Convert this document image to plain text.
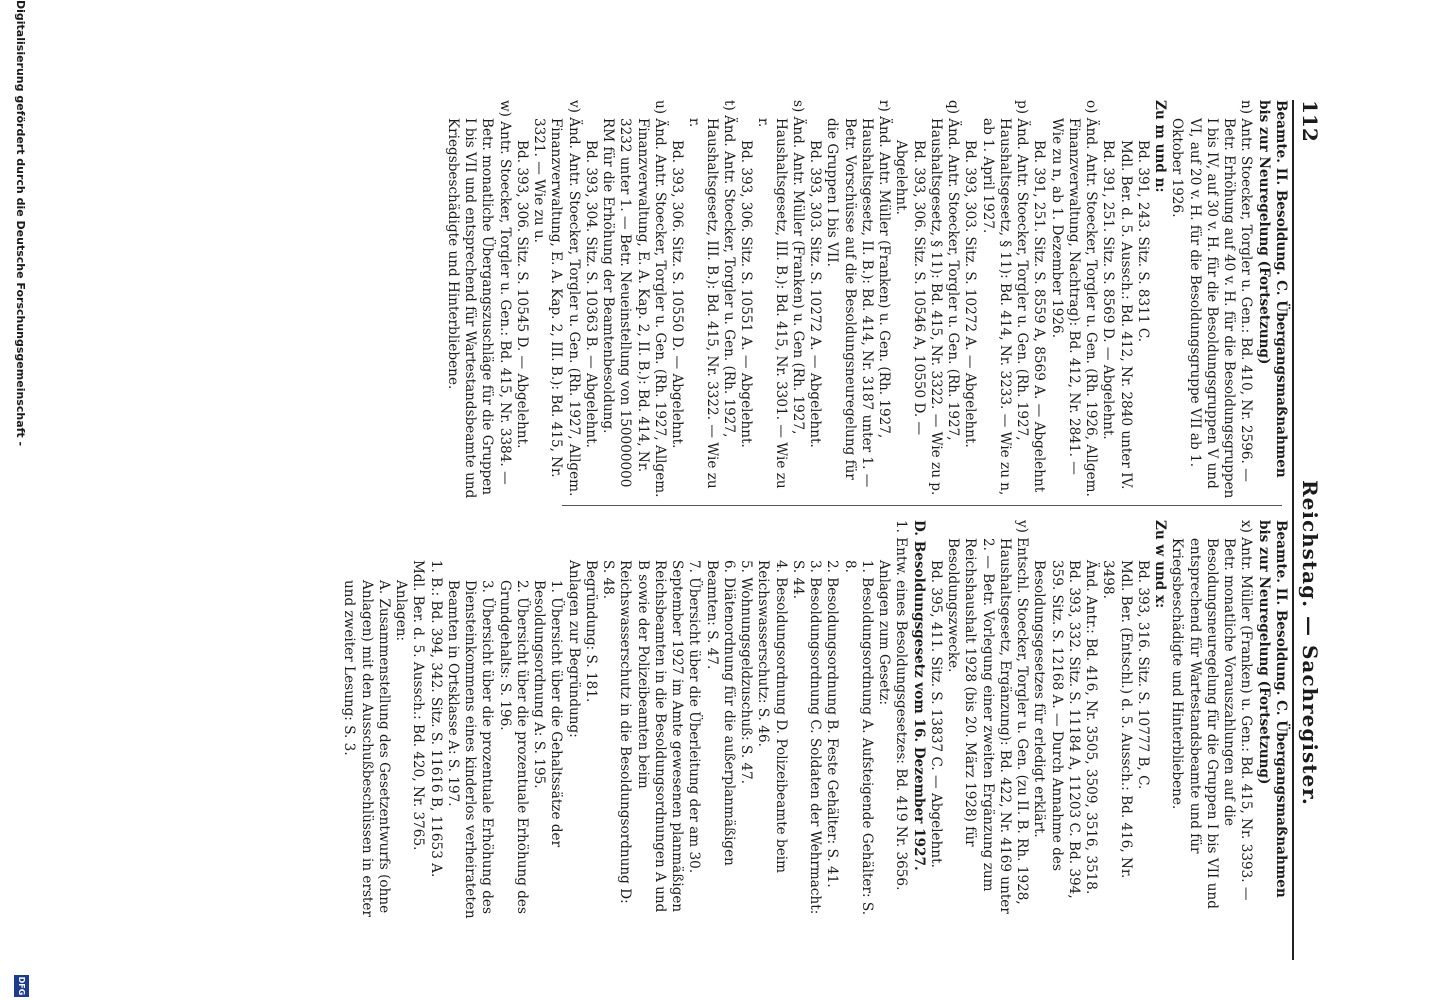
112
Reichstag. — Sachregister.

Beamte. II. Besoldung. C. Übergangsmaßnahmen bis zur Neuregelung (Fortsetzung)

n) Antr. Stoecker, Torgler u. Gen.: Bd. 410, Nr. 2596. — Betr. Erhöhung auf 40 v. H. für die Besoldungsgruppen I bis IV, auf 30 v. H. für die Besoldungsgruppen V und VI, auf 20 v. H. für die Besoldungsgruppe VII ab 1. Oktober 1926.

Zu m und n:

Bd. 391, 243. Sitz. S. 8311 C.

Mdl. Ber. d. 5. Aussch.: Bd. 412, Nr. 2840 unter IV.

Bd. 391, 251. Sitz. S. 8569 D. — Abgelehnt.

o) Änd. Antr. Stoecker, Torgler u. Gen. (Rh. 1926, Allgem. Finanzverwaltung, Nachtrag): Bd. 412, Nr. 2841. — Wie zu n, ab 1. Dezember 1926.

Bd. 391, 251. Sitz. S. 8559 A, 8569 A. — Abgelehnt

p) Änd. Antr. Stoecker, Torgler u. Gen. (Rh. 1927, Haushaltsgesetz, § 11): Bd. 414, Nr. 3233. — Wie zu n, ab 1. April 1927.

Bd. 393, 303. Sitz. S. 10272 A. — Abgelehnt.

q) Änd. Antr. Stoecker, Torgler u. Gen. (Rh. 1927, Haushaltsgesetz, § 11): Bd. 415, Nr. 3322. — Wie zu p.

Bd. 393, 306. Sitz. S. 10546 A, 10550 D. — Abgelehnt.

r) Änd. Antr. Müller (Franken) u. Gen. (Rh. 1927, Haushaltsgesetz, II. B.): Bd. 414, Nr. 3187 unter 1. — Betr. Vorschüsse auf die Besoldungsneuregelung für die Gruppen I bis VII.

Bd. 393, 303. Sitz. S. 10272 A. — Abgelehnt.

s) Änd. Antr. Müller (Franken) u. Gen (Rh. 1927, Haushaltsgesetz, III. B.): Bd. 415, Nr. 3301. — Wie zu r.

Bd. 393, 306. Sitz. S. 10551 A. — Abgelehnt.

t) Änd. Antr. Stoecker, Torgler u. Gen. (Rh. 1927, Haushaltsgesetz, III. B.): Bd. 415, Nr. 3322. — Wie zu r.

Bd. 393, 306. Sitz. S. 10550 D. — Abgelehnt.

u) Änd. Antr. Stoecker, Torgler u. Gen. (Rh. 1927, Allgem. Finanzverwaltung, E. A. Kap. 2, II. B.): Bd. 414, Nr. 3232 unter 1. — Betr. Neueinstellung von 150000000 RM für die Erhöhung der Beamtenbesoldung.

Bd. 393, 304. Sitz. S. 10363 B. — Abgelehnt.

v) Änd. Antr. Stoecker, Torgler u. Gen. (Rh. 1927, Allgem. Finanzverwaltung, E. A. Kap. 2, III. B.): Bd. 415, Nr. 3321. — Wie zu u.

Bd. 393, 306. Sitz. S. 10545 D. — Abgelehnt.

w) Antr. Stoecker, Torgler u. Gen.: Bd. 415, Nr. 3384. — Betr. monatliche Übergangszuschläge für die Gruppen I bis VII und entsprechend für Wartestandsbeamte und Kriegsbeschädigte und Hinterbliebene.

Beamte. II. Besoldung. C. Übergangsmaßnahmen bis zur Neuregelung (Fortsetzung)

x) Antr. Müller (Franken) u. Gen.: Bd. 415, Nr. 3393. — Betr. monatliche Vorauszahlungen auf die Besoldungsneuregelung für die Gruppen I bis VII und entsprechend für Wartestandsbeamte und für Kriegsbeschädigte und Hinterbliebene.

Zu w und x:

Bd. 393, 316. Sitz. S. 10777 B, C.

Mdl. Ber. (Entschl.) d. 5. Aussch.: Bd. 416, Nr. 3498.

Änd. Antr.: Bd. 416, Nr. 3505, 3509, 3516, 3518.

Bd. 393, 332. Sitz. S. 11184 A, 11203 C. Bd. 394, 359. Sitz. S. 12168 A. — Durch Annahme des Besoldungsgesetzes für erledigt erklärt.

y) Entschl. Stoecker, Torgler u. Gen. (zu II. B. Rh. 1928, Haushaltsgesetz, Ergänzung): Bd. 422, Nr. 4169 unter 2. — Betr. Vorlegung einer zweiten Ergänzung zum Reichshaushalt 1928 (bis 20. März 1928) für Besoldungszwecke.

Bd. 395, 411. Sitz. S. 13837 C. — Abgelehnt.

D. Besoldungsgesetz vom 16. Dezember 1927.

1. Entw. eines Besoldungsgesetzes: Bd. 419 Nr. 3656.

Anlagen zum Gesetz:

1. Besoldungsordnung A. Aufsteigende Gehälter: S. 8.

2. Besoldungsordnung B. Feste Gehälter: S. 41.

3. Besoldungsordnung C. Soldaten der Wehrmacht: S. 44.

4. Besoldungsordnung D. Polizeibeamte beim Reichswasserschutz: S. 46.

5. Wohnungsgeldzuschuß: S. 47.

6. Diätenordnung für die außerplanmäßigen Beamten: S. 47.

7. Übersicht über die Überleitung der am 30. September 1927 im Amte gewesenen planmäßigen Reichsbeamten in die Besoldungsordnungen A und B sowie der Polizeibeamten beim Reichswasserschutz in die Besoldungsordnung D: S. 48.

Begründung: S. 181.

Anlagen zur Begründung:

1. Übersicht über die Gehaltssätze der Besoldungsordnung A: S. 195.

2. Übersicht über die prozentuale Erhöhung des Grundgehalts: S. 196.

3. Übersicht über die prozentuale Erhöhung des Diensteinkommens eines kinderlos verheirateten Beamten in Ortsklasse A: S. 197.

1. B.: Bd. 394, 342. Sitz. S. 11616 B, 11653 A.

Mdl. Ber. d. 5. Aussch.: Bd. 420, Nr. 3765.

Anlagen:

A. Zusammenstellung des Gesetzentwurfs (ohne Anlagen) mit den Ausschußbeschlüssen in erster und zweiter Lesung: S. 3.

Digitalisierung gefördert durch die Deutsche Forschungsgemeinschaft -
DFG
